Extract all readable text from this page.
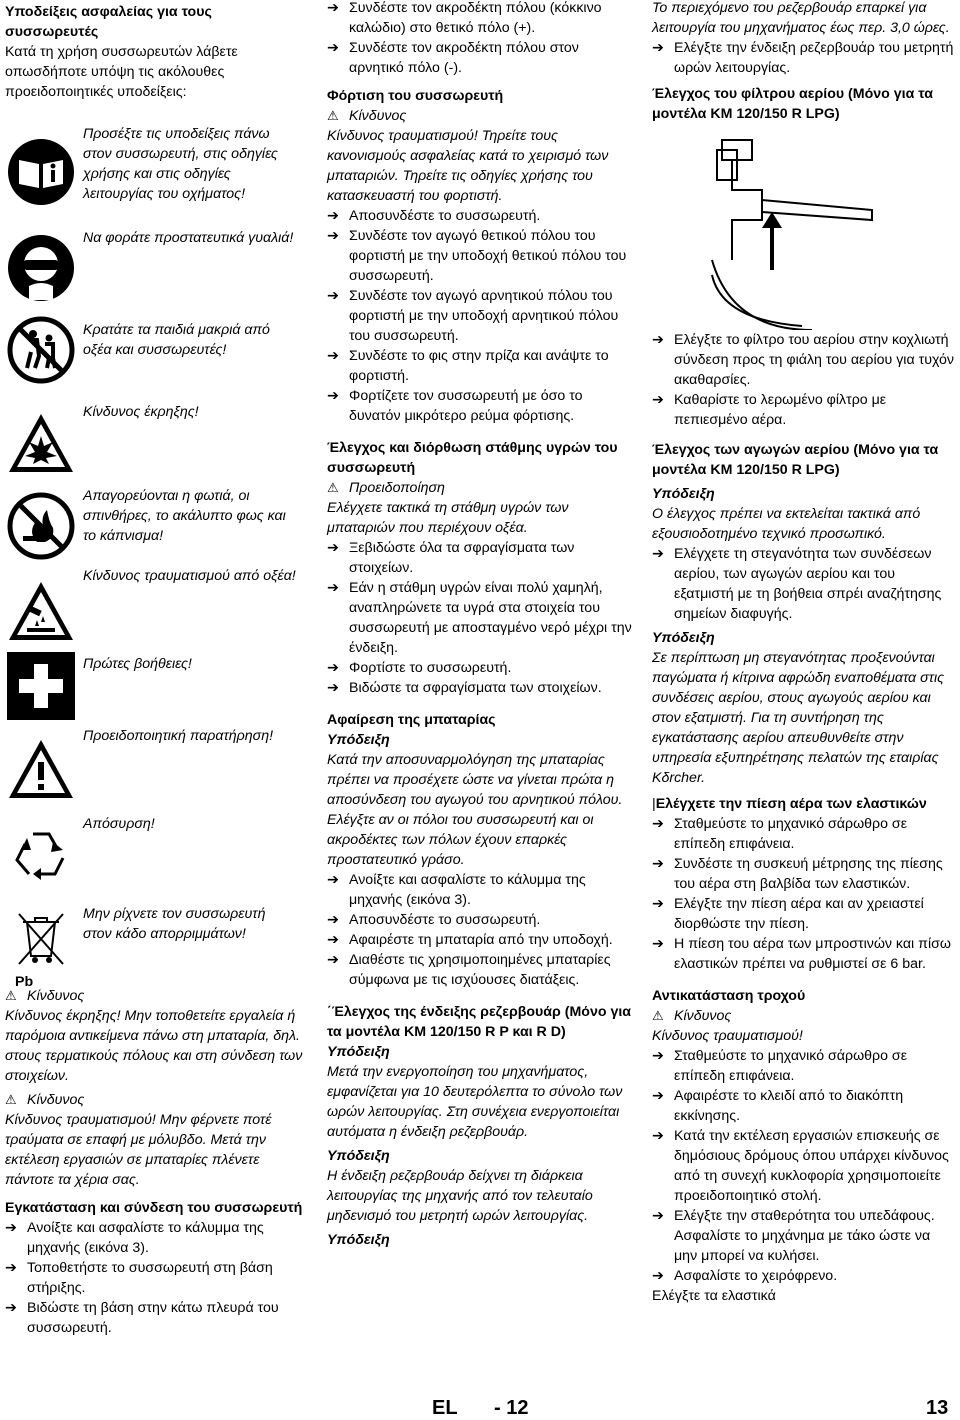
Υποδείξεις ασφαλείας για τους συσσωρευτές

Κατά τη χρήση συσσωρευτών λάβετε οπωσδήποτε υπόψη τις ακόλουθες προειδοποιητικές υποδείξεις:

Προσέξτε τις υποδείξεις πάνω στον συσσωρευτή, στις οδηγίες χρήσης και στις οδηγίες λειτουργίας του οχήματος!
Να φοράτε προστατευτικά γυαλιά!
Κρατάτε τα παιδιά μακριά από οξέα και συσσωρευτές!
Κίνδυνος έκρηξης!
Απαγορεύονται η φωτιά, οι σπινθήρες, το ακάλυπτο φως και το κάπνισμα!
Κίνδυνος τραυματισμού από οξέα!
Πρώτες βοήθειες!
Προειδοποιητική παρατήρηση!
Απόσυρση!
Pb
Μην ρίχνετε τον συσσωρευτή στον κάδο απορριμμάτων!
⚠ Κίνδυνος

Κίνδυνος έκρηξης! Μην τοποθετείτε εργαλεία ή παρόμοια αντικείμενα πάνω στη μπαταρία, δηλ. στους τερματικούς πόλους και στη σύνδεση των στοιχείων.

⚠ Κίνδυνος

Κίνδυνος τραυματισμού! Μην φέρνετε ποτέ τραύματα σε επαφή με μόλυβδο. Μετά την εκτέλεση εργασιών σε μπαταρίες πλένετε πάντοτε τα χέρια σας.

Εγκατάσταση και σύνδεση του συσσωρευτή

➔ Ανοίξτε και ασφαλίστε το κάλυμμα της μηχανής (εικόνα 3).
➔ Τοποθετήστε το συσσωρευτή στη βάση στήριξης.
➔ Βιδώστε τη βάση στην κάτω πλευρά του συσσωρευτή.
➔ Συνδέστε τον ακροδέκτη πόλου (κόκκινο καλώδιο) στο θετικό πόλο (+).
➔ Συνδέστε τον ακροδέκτη πόλου στον αρνητικό πόλο (-).

Φόρτιση του συσσωρευτή

⚠ Κίνδυνος

Κίνδυνος τραυματισμού! Τηρείτε τους κανονισμούς ασφαλείας κατά το χειρισμό των μπαταριών. Τηρείτε τις οδηγίες χρήσης του κατασκευαστή του φορτιστή.

➔ Αποσυνδέστε το συσσωρευτή.
➔ Συνδέστε τον αγωγό θετικού πόλου του φορτιστή με την υποδοχή θετικού πόλου του συσσωρευτή.
➔ Συνδέστε τον αγωγό αρνητικού πόλου του φορτιστή με την υποδοχή αρνητικού πόλου του συσσωρευτή.
➔ Συνδέστε το φις στην πρίζα και ανάψτε το φορτιστή.
➔ Φορτίζετε τον συσσωρευτή με όσο το δυνατόν μικρότερο ρεύμα φόρτισης.

Έλεγχος και διόρθωση στάθμης υγρών του συσσωρευτή

⚠ Προειδοποίηση

Ελέγχετε τακτικά τη στάθμη υγρών των μπαταριών που περιέχουν οξέα.

➔ Ξεβιδώστε όλα τα σφραγίσματα των στοιχείων.
➔ Εάν η στάθμη υγρών είναι πολύ χαμηλή, αναπληρώνετε τα υγρά στα στοιχεία του συσσωρευτή με αποσταγμένο νερό μέχρι την ένδειξη.
➔ Φορτίστε το συσσωρευτή.
➔ Βιδώστε τα σφραγίσματα των στοιχείων.

Αφαίρεση της μπαταρίας

Υπόδειξη

Κατά την αποσυναρμολόγηση της μπαταρίας πρέπει να προσέχετε ώστε να γίνεται πρώτα η αποσύνδεση του αγωγού του αρνητικού πόλου. Ελέγξτε αν οι πόλοι του συσσωρευτή και οι ακροδέκτες των πόλων έχουν επαρκές προστατευτικό γράσο.

➔ Ανοίξτε και ασφαλίστε το κάλυμμα της μηχανής (εικόνα 3).
➔ Αποσυνδέστε το συσσωρευτή.
➔ Αφαιρέστε τη μπαταρία από την υποδοχή.
➔ Διαθέστε τις χρησιμοποιημένες μπαταρίες σύμφωνα με τις ισχύουσες διατάξεις.

΄Έλεγχος της ένδειξης ρεζερβουάρ (Μόνο για τα μοντέλα KM 120/150 R P και R D)

Υπόδειξη

Μετά την ενεργοποίηση του μηχανήματος, εμφανίζεται για 10 δευτερόλεπτα το σύνολο των ωρών λειτουργίας. Στη συνέχεια ενεργοποιείται αυτόματα η ένδειξη ρεζερβουάρ.

Υπόδειξη

Η ένδειξη ρεζερβουάρ δείχνει τη διάρκεια λειτουργίας της μηχανής από τον τελευταίο μηδενισμό του μετρητή ωρών λειτουργίας.

Υπόδειξη

Το περιεχόμενο του ρεζερβουάρ επαρκεί για λειτουργία του μηχανήματος έως περ. 3,0 ώρες.

➔ Ελέγξτε την ένδειξη ρεζερβουάρ του μετρητή ωρών λειτουργίας.

Έλεγχος του φίλτρου αερίου (Μόνο για τα μοντέλα KM 120/150 R LPG)

➔ Ελέγξτε το φίλτρο του αερίου στην κοχλιωτή σύνδεση προς τη φιάλη του αερίου για τυχόν ακαθαρσίες.
➔ Καθαρίστε το λερωμένο φίλτρο με πεπιεσμένο αέρα.

Έλεγχος των αγωγών αερίου (Μόνο για τα μοντέλα KM 120/150 R LPG)

Υπόδειξη

Ο έλεγχος πρέπει να εκτελείται τακτικά από εξουσιοδοτημένο τεχνικό προσωπικό.

➔ Ελέγχετε τη στεγανότητα των συνδέσεων αερίου, των αγωγών αερίου και του εξατμιστή με τη βοήθεια σπρέι αναζήτησης σημείων διαφυγής.

Υπόδειξη

Σε περίπτωση μη στεγανότητας προξενούνται παγώματα ή κίτρινα αφρώδη εναποθέματα στις συνδέσεις αερίου, στους αγωγούς αερίου και στον εξατμιστή. Για τη συντήρηση της εγκατάστασης αερίου απευθυνθείτε στην υπηρεσία εξυπηρέτησης πελατών της εταιρίας Kδrcher.

|Ελέγχετε την πίεση αέρα των ελαστικών

➔ Σταθμεύστε το μηχανικό σάρωθρο σε επίπεδη επιφάνεια.
➔ Συνδέστε τη συσκευή μέτρησης της πίεσης του αέρα στη βαλβίδα των ελαστικών.
➔ Ελέγξτε την πίεση αέρα και αν χρειαστεί διορθώστε την πίεση.
➔ Η πίεση του αέρα των μπροστινών και πίσω ελαστικών πρέπει να ρυθμιστεί σε 6 bar.

Αντικατάσταση τροχού

⚠ Κίνδυνος

Κίνδυνος τραυματισμού!

➔ Σταθμεύστε το μηχανικό σάρωθρο σε επίπεδη επιφάνεια.
➔ Αφαιρέστε το κλειδί από το διακόπτη εκκίνησης.
➔ Κατά την εκτέλεση εργασιών επισκευής σε δημόσιους δρόμους όπου υπάρχει κίνδυνος από τη συνεχή κυκλοφορία χρησιμοποιείτε προειδοποιητικό στολή.
➔ Ελέγξτε την σταθερότητα του υπεδάφους. Ασφαλίστε το μηχάνημα με τάκο ώστε να μην μπορεί να κυλήσει.
➔ Ασφαλίστε το χειρόφρενο.

Ελέγξτε τα ελαστικά

EL - 12	13
